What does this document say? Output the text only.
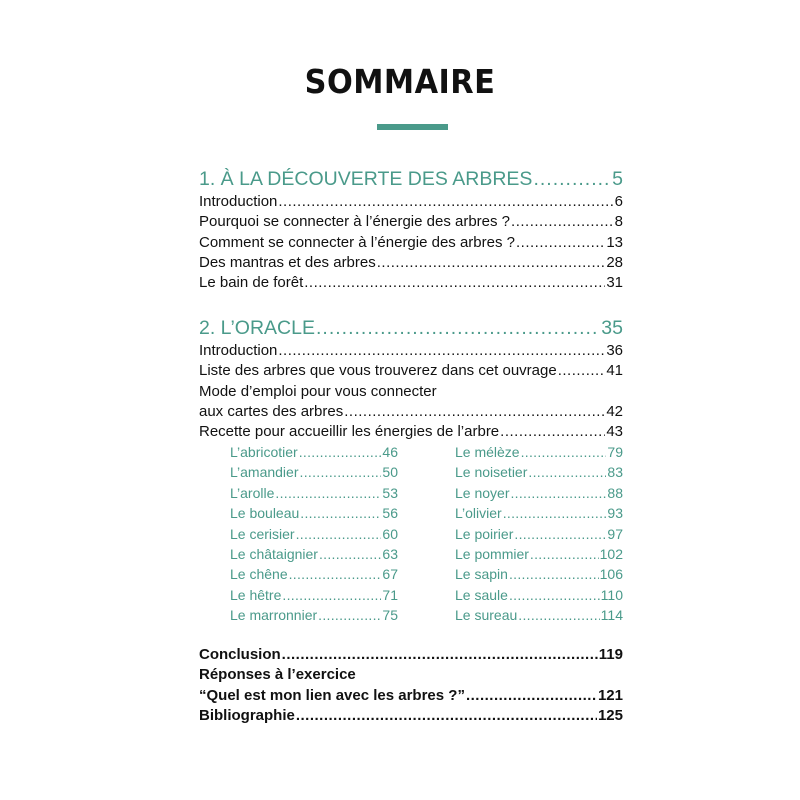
SOMMAIRE
1. À LA DÉCOUVERTE DES ARBRES .....	5
Introduction .....	6
Pourquoi se connecter à l’énergie des arbres ? .....	8
Comment se connecter à l’énergie des arbres ? .....	13
Des mantras et des arbres .....	28
Le bain de forêt .....	31
2. L’ORACLE .....	35
Introduction .....	36
Liste des arbres que vous trouverez dans cet ouvrage .....	41
Mode d’emploi pour vous connecter
aux cartes des arbres .....	42
Recette pour accueillir les énergies de l’arbre .....	43
L’abricotier .....	46
L’amandier .....	50
L’arolle .....	53
Le bouleau .....	56
Le cerisier .....	60
Le châtaignier .....	63
Le chêne .....	67
Le hêtre .....	71
Le marronnier .....	75
Le mélèze .....	79
Le noisetier .....	83
Le noyer .....	88
L’olivier .....	93
Le poirier .....	97
Le pommier .....	102
Le sapin .....	106
Le saule .....	110
Le sureau .....	114
Conclusion .....	119
Réponses à l’exercice
“Quel est mon lien avec les arbres ?” .....	121
Bibliographie .....	125
